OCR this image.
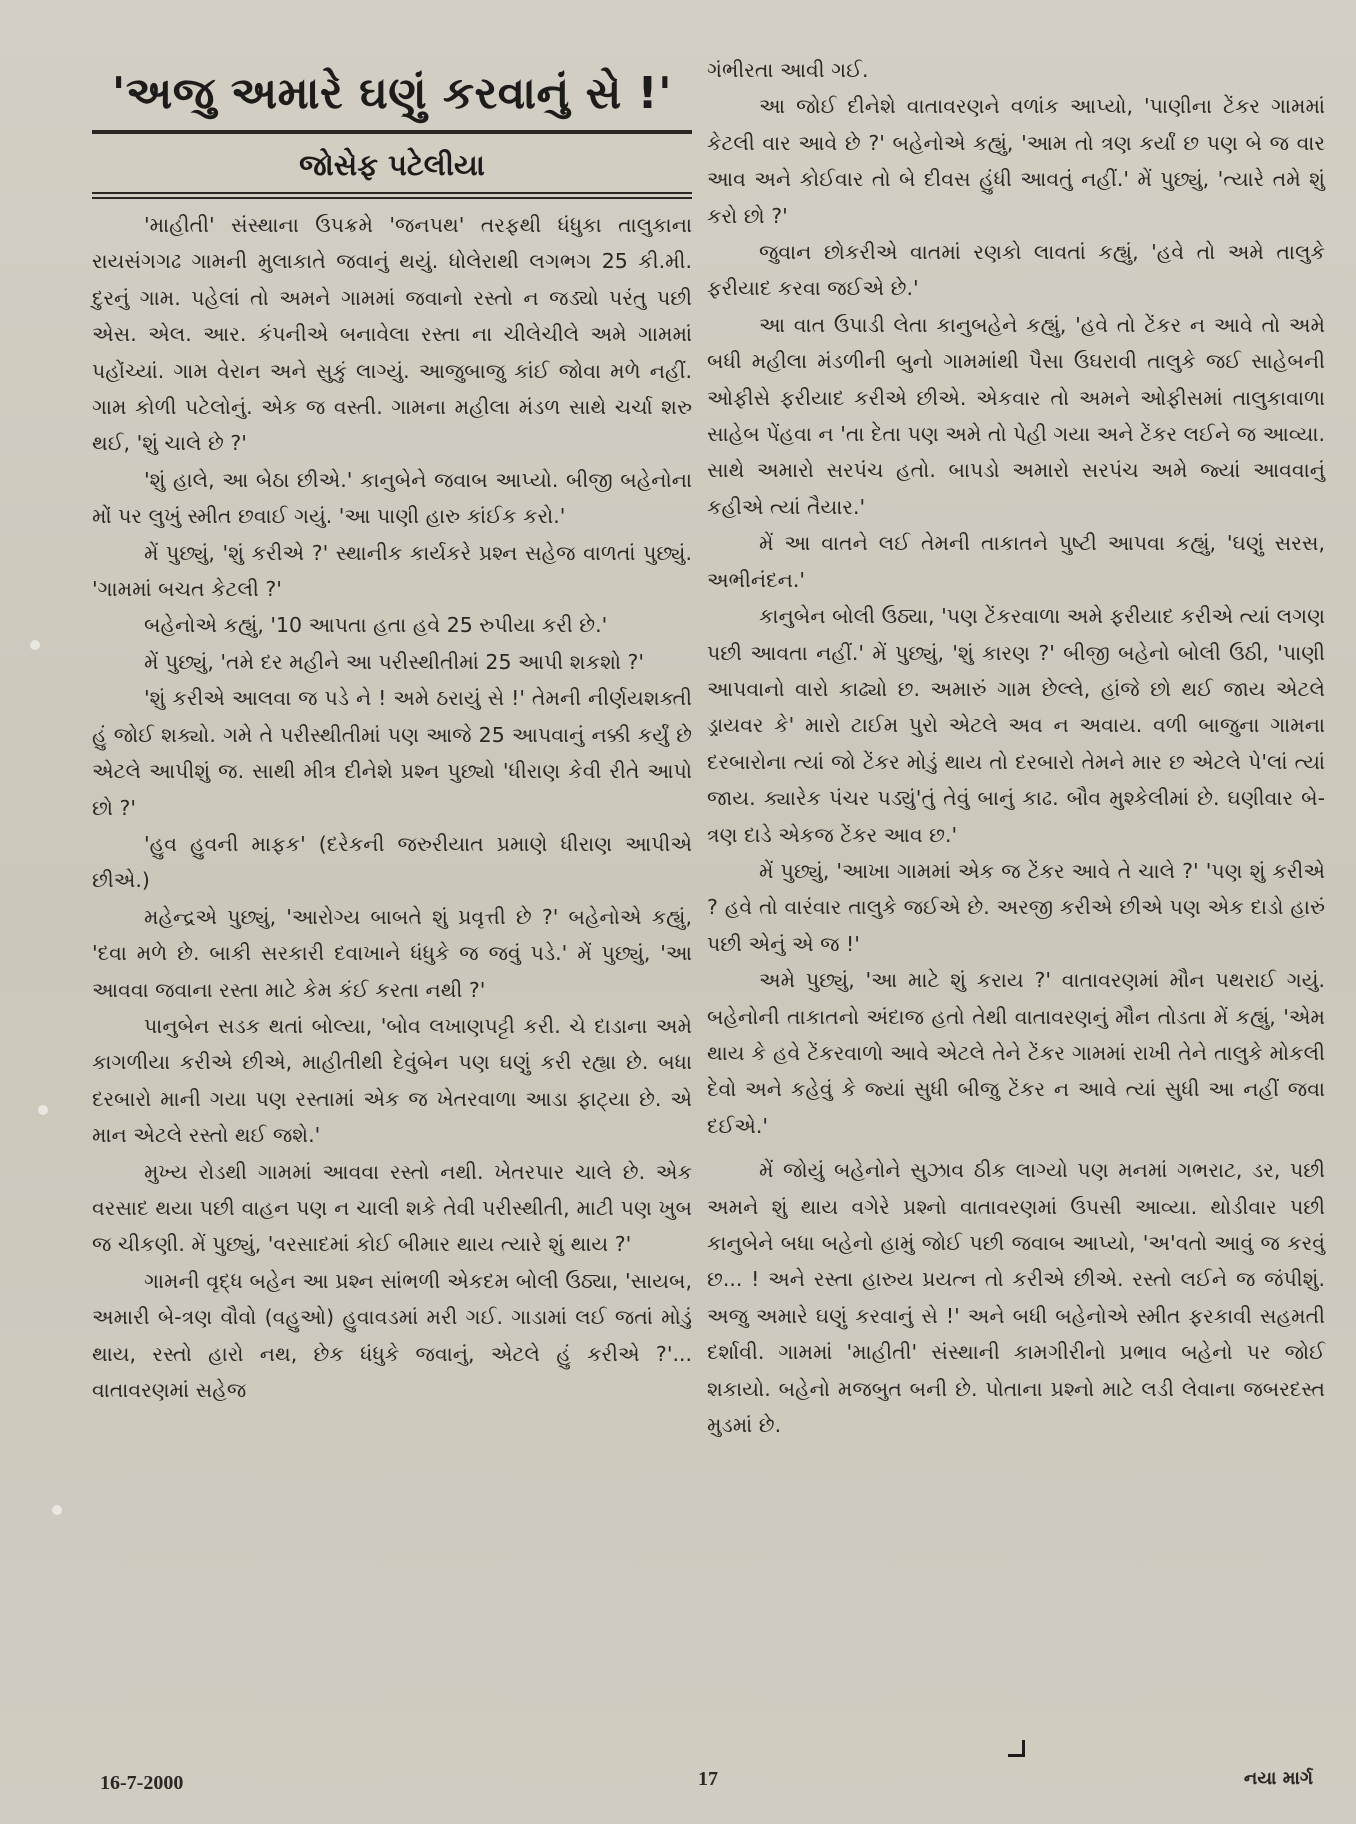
'અજુ અમારે ઘણું કરવાનું સે !'
જોસેફ પટેલીયા

'માહીતી' સંસ્થાના ઉપક્રમે 'જનપથ' તરફથી ધંધુકા તાલુકાના રાયસંગગઢ ગામની મુલાકાતે જવાનું થયું. ધોલેરાથી લગભગ 25 કી.મી. દુરનું ગામ. પહેલાં તો અમને ગામમાં જવાનો રસ્તો ન જડ્યો પરંતુ પછી એસ. એલ. આર. કંપનીએ બનાવેલા રસ્તા ના ચીલેચીલે અમે ગામમાં પહોંચ્યાં. ગામ વેરાન અને સુકું લાગ્યું. આજુબાજુ કાંઈ જોવા મળે નહીં. ગામ કોળી પટેલોનું. એક જ વસ્તી. ગામના મહીલા મંડળ સાથે ચર્ચા શરુ થઈ, 'શું ચાલે છે ?'

'શું હાલે, આ બેઠા છીએ.' કાનુબેને જવાબ આપ્યો. બીજી બહેનોના મોં પર લુખું સ્મીત છવાઈ ગયું. 'આ પાણી હારુ કાંઈક કરો.'

મેં પુછ્યું, 'શું કરીએ ?' સ્થાનીક કાર્યકરે પ્રશ્ન સહેજ વાળતાં પુછ્યું. 'ગામમાં બચત કેટલી ?'

બહેનોએ કહ્યું, '10 આપતા હતા હવે 25 રુપીયા કરી છે.'

મેં પુછ્યું, 'તમે દર મહીને આ પરીસ્થીતીમાં 25 આપી શકશો ?'

'શું કરીએ આલવા જ પડે ને ! અમે ઠરાયું સે !' તેમની નીર્ણયશક્તી હું જોઈ શક્યો. ગમે તે પરીસ્થીતીમાં પણ આજે 25 આપવાનું નક્કી કર્યું છે એટલે આપીશું જ. સાથી મીત્ર દીનેશે પ્રશ્ન પુછ્યો 'ધીરાણ કેવી રીતે આપો છો ?'

'હુવ હુવની માફક' (દરેકની જરુરીયાત પ્રમાણે ધીરાણ આપીએ છીએ.)

મહેન્દ્રએ પુછ્યું, 'આરોગ્ય બાબતે શું પ્રવૃત્તી છે ?' બહેનોએ કહ્યું, 'દવા મળે છે. બાકી સરકારી દવાખાને ધંધુકે જ જવું પડે.' મેં પુછ્યું, 'આ આવવા જવાના રસ્તા માટે કેમ કંઈ કરતા નથી ?'

પાનુબેન સડક થતાં બોલ્યા, 'બોવ લખાણપટ્ટી કરી. ચે દાડાના અમે કાગળીયા કરીએ છીએ, માહીતીથી દેવુંબેન પણ ઘણું કરી રહ્યા છે. બધા દરબારો માની ગયા પણ રસ્તામાં એક જ ખેતરવાળા આડા ફાટ્યા છે. એ માન એટલે રસ્તો થઈ જશે.'

મુખ્ય રોડથી ગામમાં આવવા રસ્તો નથી. ખેતરપાર ચાલે છે. એક વરસાદ થયા પછી વાહન પણ ન ચાલી શકે તેવી પરીસ્થીતી, માટી પણ ખુબ જ ચીકણી. મેં પુછ્યું, 'વરસાદમાં કોઈ બીમાર થાય ત્યારે શું થાય ?'

ગામની વૃદ્ધ બહેન આ પ્રશ્ન સાંભળી એકદમ બોલી ઉઠ્યા, 'સાયબ, અમારી બે-ત્રણ વૌવો (વહુઓ) હુવાવડમાં મરી ગઈ. ગાડામાં લઈ જતાં મોડું થાય, રસ્તો હારો નથ, છેક ધંધુકે જવાનું, એટલે હું કરીએ ?'... વાતાવરણમાં સહેજ

ગંભીરતા આવી ગઈ.

આ જોઈ દીનેશે વાતાવરણને વળાંક આપ્યો, 'પાણીના ટેંકર ગામમાં કેટલી વાર આવે છે ?' બહેનોએ કહ્યું, 'આમ તો ત્રણ કર્યાં છ પણ બે જ વાર આવ અને કોઈવાર તો બે દીવસ હુંધી આવતું નહીં.' મેં પુછ્યું, 'ત્યારે તમે શું કરો છો ?'

જુવાન છોકરીએ વાતમાં રણકો લાવતાં કહ્યું, 'હવે તો અમે તાલુકે ફરીયાદ કરવા જઈએ છે.'

આ વાત ઉપાડી લેતા કાનુબહેને કહ્યું, 'હવે તો ટેંકર ન આવે તો અમે બધી મહીલા મંડળીની બુનો ગામમાંથી પૈસા ઉઘરાવી તાલુકે જઈ સાહેબની ઓફીસે ફરીયાદ કરીએ છીએ. એકવાર તો અમને ઓફીસમાં તાલુકાવાળા સાહેબ પેંહવા ન 'તા દેતા પણ અમે તો પેહી ગયા અને ટેંકર લઈને જ આવ્યા. સાથે અમારો સરપંચ હતો. બાપડો અમારો સરપંચ અમે જ્યાં આવવાનું કહીએ ત્યાં તૈયાર.'

મેં આ વાતને લઈ તેમની તાકાતને પુષ્ટી આપવા કહ્યું, 'ઘણું સરસ, અભીનંદન.'

કાનુબેન બોલી ઉઠ્યા, 'પણ ટેંકરવાળા અમે ફરીયાદ કરીએ ત્યાં લગણ પછી આવતા નહીં.' મેં પુછ્યું, 'શું કારણ ?' બીજી બહેનો બોલી ઉઠી, 'પાણી આપવાનો વારો કાઢ્યો છ. અમારું ગામ છેલ્લે, હાંજે છો થઈ જાય એટલે ડ્રાયવર કે' મારો ટાઈમ પુરો એટલે અવ ન અવાય. વળી બાજુના ગામના દરબારોના ત્યાં જો ટેંકર મોડું થાય તો દરબારો તેમને માર છ એટલે પે'લાં ત્યાં જાય. ક્યારેક પંચર પડ્યું'તું તેવું બાનું કાઢ. બૌવ મુશ્કેલીમાં છે. ઘણીવાર બે-ત્રણ દાડે એકજ ટેંકર આવ છ.'

મેં પુછ્યું, 'આખા ગામમાં એક જ ટેંકર આવે તે ચાલે ?' 'પણ શું કરીએ ? હવે તો વારંવાર તાલુકે જઈએ છે. અરજી કરીએ છીએ પણ એક દાડો હારું પછી એનું એ જ !'

અમે પુછ્યું, 'આ માટે શું કરાય ?' વાતાવરણમાં મૌન પથરાઈ ગયું. બહેનોની તાકાતનો અંદાજ હતો તેથી વાતાવરણનું મૌન તોડતા મેં કહ્યું, 'એમ થાય કે હવે ટેંકરવાળો આવે એટલે તેને ટેંકર ગામમાં રાખી તેને તાલુકે મોકલી દેવો અને કહેવું કે જ્યાં સુધી બીજુ ટેંકર ન આવે ત્યાં સુધી આ નહીં જવા દઈએ.'

મેં જોયું બહેનોને સુઝાવ ઠીક લાગ્યો પણ મનમાં ગભરાટ, ડર, પછી અમને શું થાય વગેરે પ્રશ્નો વાતાવરણમાં ઉપસી આવ્યા. થોડીવાર પછી કાનુબેને બધા બહેનો હામું જોઈ પછી જવાબ આપ્યો, 'અ'વતો આવું જ કરવું છ... ! અને રસ્તા હારુય પ્રયત્ન તો કરીએ છીએ. રસ્તો લઈને જ જંપીશું. અજુ અમારે ઘણું કરવાનું સે !' અને બધી બહેનોએ સ્મીત ફરકાવી સહમતી દર્શાવી. ગામમાં 'માહીતી' સંસ્થાની કામગીરીનો પ્રભાવ બહેનો પર જોઈ શકાયો. બહેનો મજબુત બની છે. પોતાના પ્રશ્નો માટે લડી લેવાના જબરદસ્ત મુડમાં છે.

16-7-2000	17	નયા માર્ગ
